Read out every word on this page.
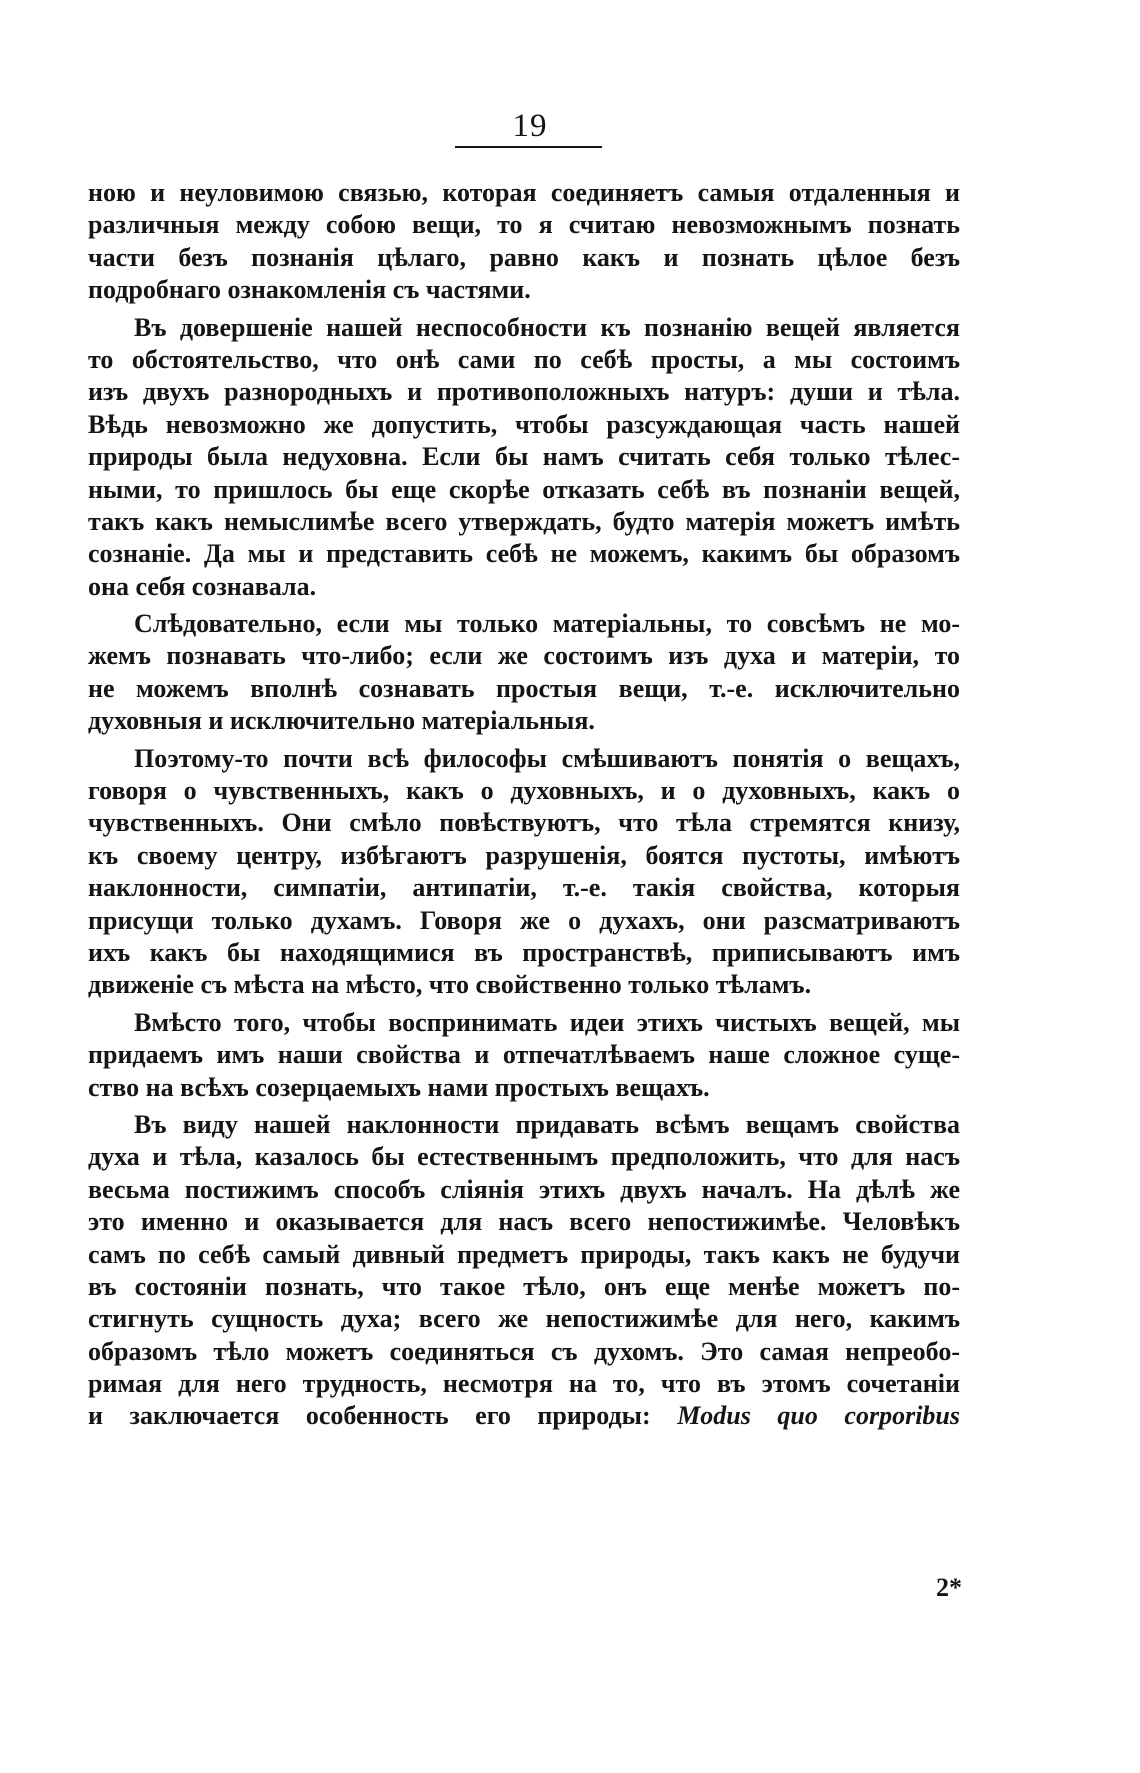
19
ною и неуловимою связью, которая соединяетъ самыя отдаленныя и
различныя между собою вещи, то я считаю невозможнымъ познать
части безъ познанія цѣлаго, равно какъ и познать цѣлое безъ
подробнаго ознакомленія съ частями.
Въ довершеніе нашей неспособности къ познанію вещей является
то обстоятельство, что онѣ сами по себѣ просты, а мы состоимъ
изъ двухъ разнородныхъ и противоположныхъ натуръ: души и тѣла.
Вѣдь невозможно же допустить, чтобы разсуждающая часть нашей
природы была недуховна. Если бы намъ считать себя только тѣлес-
ными, то пришлось бы еще скорѣе отказать себѣ въ познаніи вещей,
такъ какъ немыслимѣе всего утверждать, будто матерія можетъ имѣть
сознаніе. Да мы и представить себѣ не можемъ, какимъ бы образомъ
она себя сознавала.
Слѣдовательно, если мы только матеріальны, то совсѣмъ не мо-
жемъ познавать что-либо; если же состоимъ изъ духа и матеріи, то
не можемъ вполнѣ сознавать простыя вещи, т.-е. исключительно
духовныя и исключительно матеріальныя.
Поэтому-то почти всѣ философы смѣшиваютъ понятія о вещахъ,
говоря о чувственныхъ, какъ о духовныхъ, и о духовныхъ, какъ о
чувственныхъ. Они смѣло повѣствуютъ, что тѣла стремятся книзу,
къ своему центру, избѣгаютъ разрушенія, боятся пустоты, имѣютъ
наклонности, симпатіи, антипатіи, т.-е. такія свойства, которыя
присущи только духамъ. Говоря же о духахъ, они разсматриваютъ
ихъ какъ бы находящимися въ пространствѣ, приписываютъ имъ
движеніе съ мѣста на мѣсто, что свойственно только тѣламъ.
Вмѣсто того, чтобы воспринимать идеи этихъ чистыхъ вещей, мы
придаемъ имъ наши свойства и отпечатлѣваемъ наше сложное суще-
ство на всѣхъ созерцаемыхъ нами простыхъ вещахъ.
Въ виду нашей наклонности придавать всѣмъ вещамъ свойства
духа и тѣла, казалось бы естественнымъ предположить, что для насъ
весьма постижимъ способъ сліянія этихъ двухъ началъ. На дѣлѣ же
это именно и оказывается для насъ всего непостижимѣе. Человѣкъ
самъ по себѣ самый дивный предметъ природы, такъ какъ не будучи
въ состояніи познать, что такое тѣло, онъ еще менѣе можетъ по-
стигнуть сущность духа; всего же непостижимѣе для него, какимъ
образомъ тѣло можетъ соединяться съ духомъ. Это самая непреобо-
римая для него трудность, несмотря на то, что въ этомъ сочетаніи
и заключается особенность его природы: Modus quo corporibus
2*
